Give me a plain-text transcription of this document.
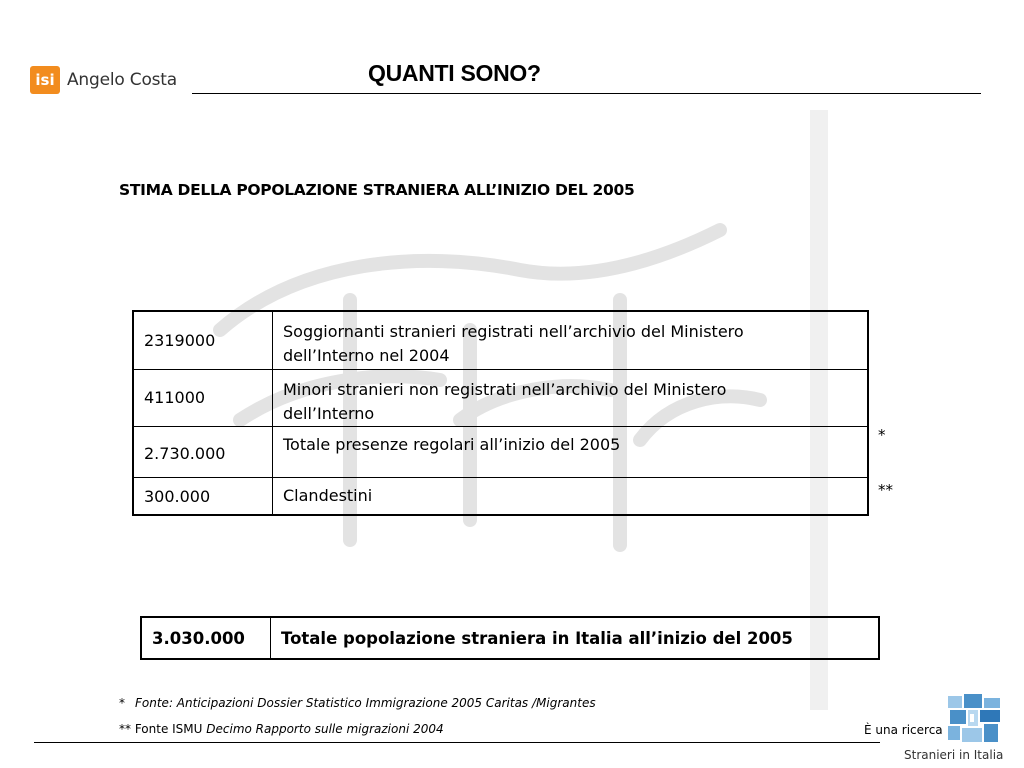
isi Angelo Costa	QUANTI SONO?
STIMA DELLA POPOLAZIONE STRANIERA ALL’INIZIO DEL 2005
2319000	Soggiornanti stranieri registrati nell’archivio del Ministero
dell’Interno nel 2004

411000	Minori stranieri non registrati nell’archivio del Ministero
dell’Interno

2.730.000	Totale presenze regolari all’inizio del 2005

300.000	Clandestini
*
**
3.030.000	Totale popolazione straniera in Italia all’inizio del 2005
* Fonte: Anticipazioni Dossier Statistico Immigrazione 2005 Caritas /Migrantes
** Fonte ISMU Decimo Rapporto sulle migrazioni 2004	È una ricerca
Stranieri in Italia
